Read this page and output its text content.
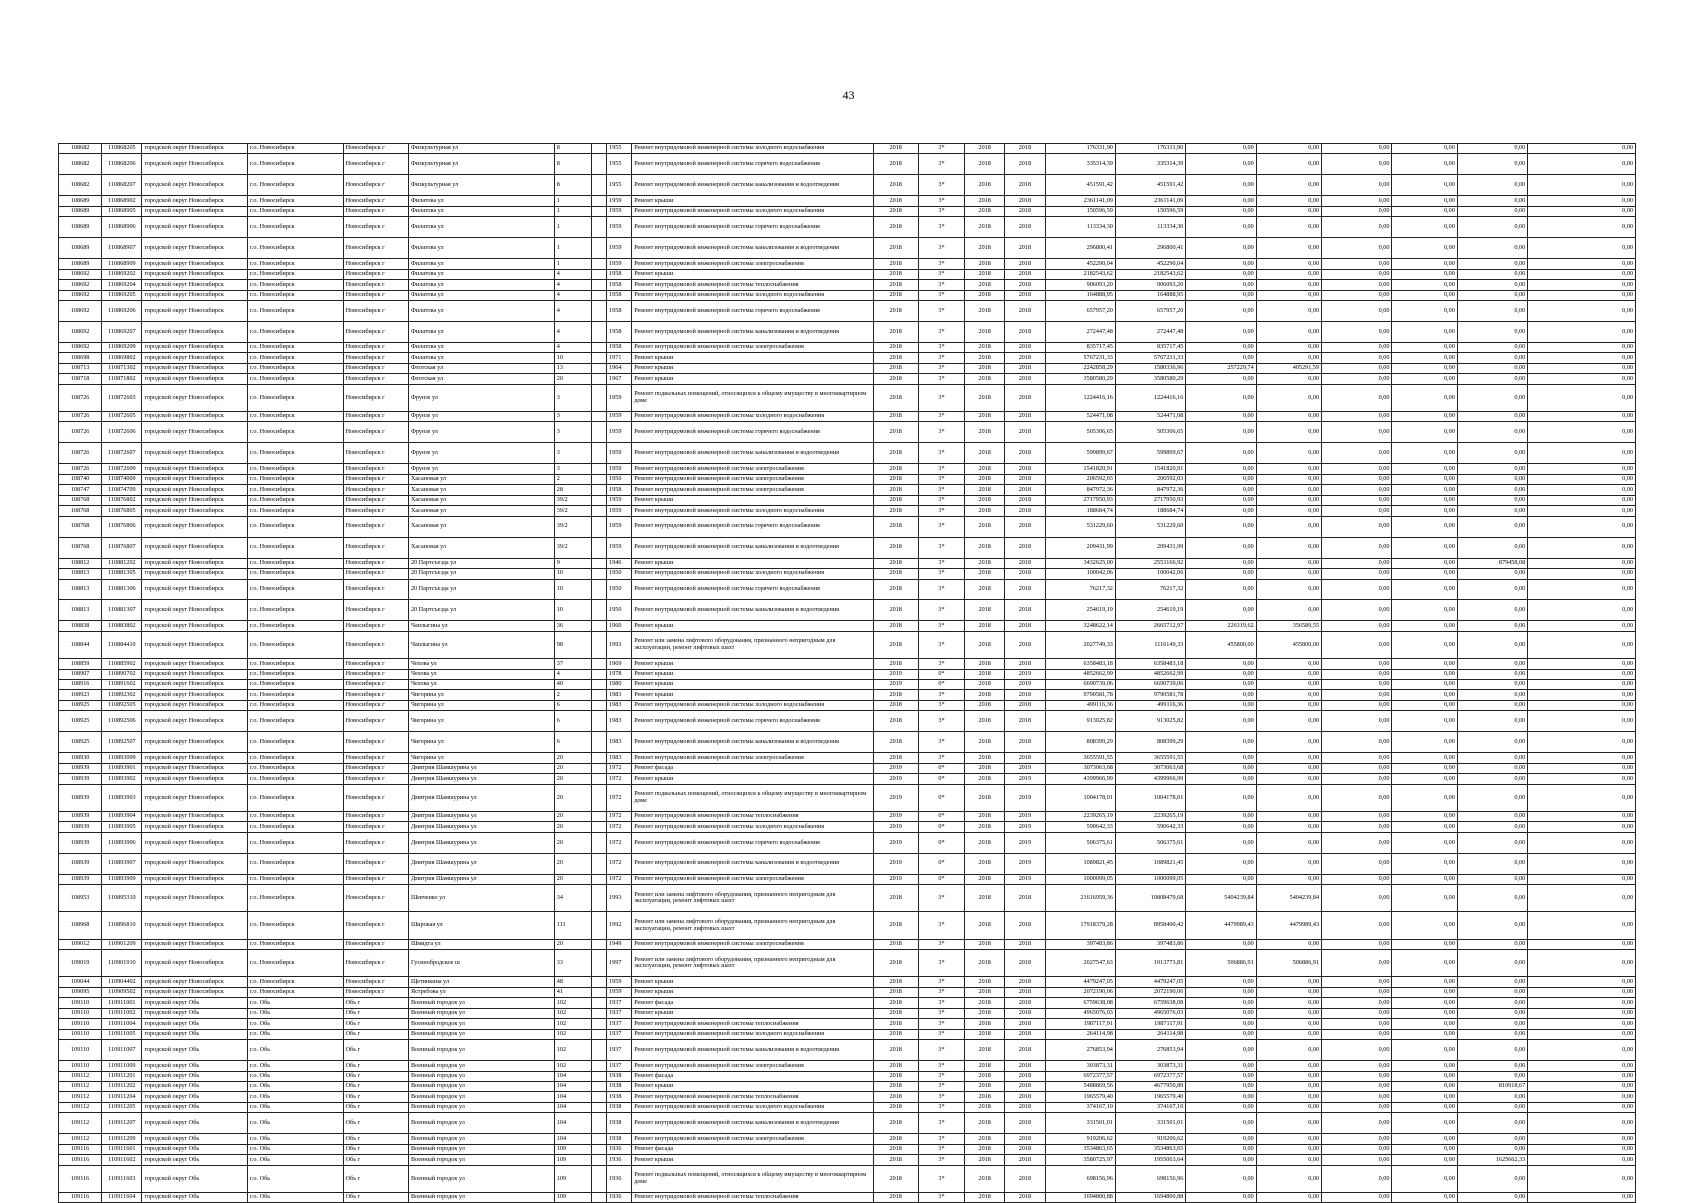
43
108682	110868205	городской округ Новосибирск	г.о. Новосибирск	Новосибирск г	Физкультурная ул	8		1955	Ремонт внутридомовой инженерной системы холодного водоснабжения	2018	3*	2018	2018	176331,90	176331,90	0,00	0,00	0,00	0,00	0,00	0,00
108682	110868206	городской округ Новосибирск	г.о. Новосибирск	Новосибирск г	Физкультурная ул	8		1955	Ремонт внутридомовой инженерной системы горячего водоснабжения	2018	3*	2018	2018	335314,39	335314,39	0,00	0,00	0,00	0,00	0,00	0,00
108682	110868207	городской округ Новосибирск	г.о. Новосибирск	Новосибирск г	Физкультурная ул	8		1955	Ремонт внутридомовой инженерной системы канализования и водоотведения	2018	3*	2018	2018	451591,42	451591,42	0,00	0,00	0,00	0,00	0,00	0,00
108689	110868902	городской округ Новосибирск	г.о. Новосибирск	Новосибирск г	Филатова ул	1		1959	Ремонт крыши	2018	3*	2018	2018	2361141,09	2361141,09	0,00	0,00	0,00	0,00	0,00	0,00
108689	110868905	городской округ Новосибирск	г.о. Новосибирск	Новосибирск г	Филатова ул	1		1959	Ремонт внутридомовой инженерной системы холодного водоснабжения	2018	3*	2018	2018	150596,59	150596,59	0,00	0,00	0,00	0,00	0,00	0,00
108689	110868906	городской округ Новосибирск	г.о. Новосибирск	Новосибирск г	Филатова ул	1		1959	Ремонт внутридомовой инженерной системы горячего водоснабжения	2018	3*	2018	2018	113334,30	113334,30	0,00	0,00	0,00	0,00	0,00	0,00
108689	110868907	городской округ Новосибирск	г.о. Новосибирск	Новосибирск г	Филатова ул	1		1959	Ремонт внутридомовой инженерной системы канализования и водоотведения	2018	3*	2018	2018	296800,41	296800,41	0,00	0,00	0,00	0,00	0,00	0,00
108689	110868909	городской округ Новосибирск	г.о. Новосибирск	Новосибирск г	Филатова ул	1		1959	Ремонт внутридомовой инженерной системы электроснабжения	2018	3*	2018	2018	452290,04	452290,04	0,00	0,00	0,00	0,00	0,00	0,00
108692	110869202	городской округ Новосибирск	г.о. Новосибирск	Новосибирск г	Филатова ул	4		1958	Ремонт крыши	2018	3*	2018	2018	2182543,62	2182543,62	0,00	0,00	0,00	0,00	0,00	0,00
108692	110869204	городской округ Новосибирск	г.о. Новосибирск	Новосибирск г	Филатова ул	4		1958	Ремонт внутридомовой инженерной системы теплоснабжения	2018	3*	2018	2018	906093,20	906093,20	0,00	0,00	0,00	0,00	0,00	0,00
108692	110869205	городской округ Новосибирск	г.о. Новосибирск	Новосибирск г	Филатова ул	4		1958	Ремонт внутридомовой инженерной системы холодного водоснабжения	2018	3*	2018	2018	164888,95	164888,95	0,00	0,00	0,00	0,00	0,00	0,00
108692	110869206	городской округ Новосибирск	г.о. Новосибирск	Новосибирск г	Филатова ул	4		1958	Ремонт внутридомовой инженерной системы горячего водоснабжения	2018	3*	2018	2018	657957,20	657957,20	0,00	0,00	0,00	0,00	0,00	0,00
108692	110869207	городской округ Новосибирск	г.о. Новосибирск	Новосибирск г	Филатова ул	4		1958	Ремонт внутридомовой инженерной системы канализования и водоотведения	2018	3*	2018	2018	272447,48	272447,48	0,00	0,00	0,00	0,00	0,00	0,00
108692	110869209	городской округ Новосибирск	г.о. Новосибирск	Новосибирск г	Филатова ул	4		1958	Ремонт внутридомовой инженерной системы электроснабжения	2018	3*	2018	2018	835717,45	835717,45	0,00	0,00	0,00	0,00	0,00	0,00
108698	110869802	городской округ Новосибирск	г.о. Новосибирск	Новосибирск г	Филатова ул	10		1971	Ремонт крыши	2018	3*	2018	2018	5767231,33	5767231,33	0,00	0,00	0,00	0,00	0,00	0,00
108713	110871302	городской округ Новосибирск	г.о. Новосибирск	Новосибирск г	Флотская ул	13		1964	Ремонт крыши	2018	3*	2018	2018	2242858,29	1580336,96	257229,74	405291,59	0,00	0,00	0,00	0,00
108718	110871802	городской округ Новосибирск	г.о. Новосибирск	Новосибирск г	Флотская ул	20		1967	Ремонт крыши	2018	3*	2018	2018	3580580,29	3580580,29	0,00	0,00	0,00	0,00	0,00	0,00
108726	110872603	городской округ Новосибирск	г.о. Новосибирск	Новосибирск г	Фрунзе ул	3		1959	Ремонт подвальных помещений, относящихся к общему имуществу в многоквартирном доме	2018	3*	2018	2018	1224416,16	1224416,16	0,00	0,00	0,00	0,00	0,00	0,00
108726	110872605	городской округ Новосибирск	г.о. Новосибирск	Новосибирск г	Фрунзе ул	3		1959	Ремонт внутридомовой инженерной системы холодного водоснабжения	2018	3*	2018	2018	524471,08	524471,08	0,00	0,00	0,00	0,00	0,00	0,00
108726	110872606	городской округ Новосибирск	г.о. Новосибирск	Новосибирск г	Фрунзе ул	3		1959	Ремонт внутридомовой инженерной системы горячего водоснабжения	2018	3*	2018	2018	505306,65	505306,65	0,00	0,00	0,00	0,00	0,00	0,00
108726	110872607	городской округ Новосибирск	г.о. Новосибирск	Новосибирск г	Фрунзе ул	3		1959	Ремонт внутридомовой инженерной системы канализования и водоотведения	2018	3*	2018	2018	599899,67	599899,67	0,00	0,00	0,00	0,00	0,00	0,00
108726	110872609	городской округ Новосибирск	г.о. Новосибирск	Новосибирск г	Фрунзе ул	3		1959	Ремонт внутридомовой инженерной системы электроснабжения	2018	3*	2018	2018	1541820,91	1541820,91	0,00	0,00	0,00	0,00	0,00	0,00
108740	110874009	городской округ Новосибирск	г.о. Новосибирск	Новосибирск г	Хасановая ул	2		1956	Ремонт внутридомовой инженерной системы электроснабжения	2018	3*	2018	2018	206592,03	206592,03	0,00	0,00	0,00	0,00	0,00	0,00
108747	110874709	городской округ Новосибирск	г.о. Новосибирск	Новосибирск г	Хасановая ул	28		1958	Ремонт внутридомовой инженерной системы электроснабжения	2018	3*	2018	2018	847972,36	847972,36	0,00	0,00	0,00	0,00	0,00	0,00
108768	110876802	городской округ Новосибирск	г.о. Новосибирск	Новосибирск г	Хасановая ул	39/2		1959	Ремонт крыши	2018	3*	2018	2018	2717950,93	2717950,93	0,00	0,00	0,00	0,00	0,00	0,00
108768	110876805	городской округ Новосибирск	г.о. Новосибирск	Новосибирск г	Хасановая ул	39/2		1959	Ремонт внутридомовой инженерной системы холодного водоснабжения	2018	3*	2018	2018	188684,74	188684,74	0,00	0,00	0,00	0,00	0,00	0,00
108768	110876806	городской округ Новосибирск	г.о. Новосибирск	Новосибирск г	Хасановая ул	39/2		1959	Ремонт внутридомовой инженерной системы горячего водоснабжения	2018	3*	2018	2018	531229,60	531229,60	0,00	0,00	0,00	0,00	0,00	0,00
108768	110876807	городской округ Новосибирск	г.о. Новосибирск	Новосибирск г	Хасановая ул	39/2		1959	Ремонт внутридомовой инженерной системы канализования и водоотведения	2018	3*	2018	2018	209431,99	209431,99	0,00	0,00	0,00	0,00	0,00	0,00
108812	110881202	городской округ Новосибирск	г.о. Новосибирск	Новосибирск г	20 Партсъезда ул	9		1946	Ремонт крыши	2018	3*	2018	2018	3432625,00	2553166,92	0,00	0,00	0,00	0,00	879458,08	0,00
108813	110881305	городской округ Новосибирск	г.о. Новосибирск	Новосибирск г	20 Партсъезда ул	10		1950	Ремонт внутридомовой инженерной системы холодного водоснабжения	2018	3*	2018	2018	100042,06	100042,06	0,00	0,00	0,00	0,00	0,00	0,00
108813	110881306	городской округ Новосибирск	г.о. Новосибирск	Новосибирск г	20 Партсъезда ул	10		1950	Ремонт внутридомовой инженерной системы горячего водоснабжения	2018	3*	2018	2018	76217,32	76217,32	0,00	0,00	0,00	0,00	0,00	0,00
108813	110881307	городской округ Новосибирск	г.о. Новосибирск	Новосибирск г	20 Партсъезда ул	10		1950	Ремонт внутридомовой инженерной системы канализования и водоотведения	2018	3*	2018	2018	254619,19	254619,19	0,00	0,00	0,00	0,00	0,00	0,00
108838	110883802	городской округ Новосибирск	г.о. Новосибирск	Новосибирск г	Чаплыгина ул	36		1960	Ремонт крыши	2018	3*	2018	2018	3248622,14	2665712,97	226319,62	356589,55	0,00	0,00	0,00	0,00
108844	110884410	городской округ Новосибирск	г.о. Новосибирск	Новосибирск г	Чаплыгина ул	98		1993	Ремонт или замена лифтового оборудования, признанного непригодным для эксплуатации, ремонт лифтовых шахт	2018	3*	2018	2018	2027749,33	1116149,33	455800,00	455800,00	0,00	0,00	0,00	0,00
108859	110885902	городской округ Новосибирск	г.о. Новосибирск	Новосибирск г	Чехова ул	37		1969	Ремонт крыши	2018	3*	2018	2018	6358483,18	6358483,18	0,00	0,00	0,00	0,00	0,00	0,00
108907	110890702	городской округ Новосибирск	г.о. Новосибирск	Новосибирск г	Чехова ул	4		1978	Ремонт крыши	2019	0*	2018	2019	4852662,99	4852662,99	0,00	0,00	0,00	0,00	0,00	0,00
108916	110891602	городской округ Новосибирск	г.о. Новосибирск	Новосибирск г	Чехова ул	40		1980	Ремонт крыши	2019	0*	2018	2019	6690739,06	6690739,06	0,00	0,00	0,00	0,00	0,00	0,00
108923	110892302	городской округ Новосибирск	г.о. Новосибирск	Новосибирск г	Чигорина ул	2		1983	Ремонт крыши	2018	3*	2018	2018	9790581,78	9790581,78	0,00	0,00	0,00	0,00	0,00	0,00
108925	110892505	городской округ Новосибирск	г.о. Новосибирск	Новосибирск г	Чигорина ул	6		1983	Ремонт внутридомовой инженерной системы холодного водоснабжения	2018	3*	2018	2018	499116,36	499116,36	0,00	0,00	0,00	0,00	0,00	0,00
108925	110892506	городской округ Новосибирск	г.о. Новосибирск	Новосибирск г	Чигорина ул	6		1983	Ремонт внутридомовой инженерной системы горячего водоснабжения	2018	3*	2018	2018	913025,82	913025,82	0,00	0,00	0,00	0,00	0,00	0,00
108925	110892507	городской округ Новосибирск	г.о. Новосибирск	Новосибирск г	Чигорина ул	6		1983	Ремонт внутридомовой инженерной системы канализования и водоотведения	2018	3*	2018	2018	808399,29	808399,29	0,00	0,00	0,00	0,00	0,00	0,00
108930	110893009	городской округ Новосибирск	г.о. Новосибирск	Новосибирск г	Чигорина ул	20		1983	Ремонт внутридомовой инженерной системы электроснабжения	2018	3*	2018	2018	3655591,55	3655591,55	0,00	0,00	0,00	0,00	0,00	0,00
108939	110893901	городской округ Новосибирск	г.о. Новосибирск	Новосибирск г	Дмитрия Шамшурина ул	20		1972	Ремонт фасада	2019	0*	2018	2019	3073063,68	3073063,68	0,00	0,00	0,00	0,00	0,00	0,00
108939	110893902	городской округ Новосибирск	г.о. Новосибирск	Новосибирск г	Дмитрия Шамшурина ул	20		1972	Ремонт крыши	2019	0*	2018	2019	4399966,99	4399966,99	0,00	0,00	0,00	0,00	0,00	0,00
108939	110893903	городской округ Новосибирск	г.о. Новосибирск	Новосибирск г	Дмитрия Шамшурина ул	20		1972	Ремонт подвальных помещений, относящихся к общему имуществу в многоквартирном доме	2019	0*	2018	2019	1004178,01	1004178,01	0,00	0,00	0,00	0,00	0,00	0,00
108939	110893904	городской округ Новосибирск	г.о. Новосибирск	Новосибирск г	Дмитрия Шамшурина ул	20		1972	Ремонт внутридомовой инженерной системы теплоснабжения	2019	0*	2018	2019	2239265,19	2239265,19	0,00	0,00	0,00	0,00	0,00	0,00
108939	110893905	городской округ Новосибирск	г.о. Новосибирск	Новосибирск г	Дмитрия Шамшурина ул	20		1972	Ремонт внутридомовой инженерной системы холодного водоснабжения	2019	0*	2018	2019	590642,33	590642,33	0,00	0,00	0,00	0,00	0,00	0,00
108939	110893906	городской округ Новосибирск	г.о. Новосибирск	Новосибирск г	Дмитрия Шамшурина ул	20		1972	Ремонт внутридомовой инженерной системы горячего водоснабжения	2019	0*	2018	2019	506375,61	506375,61	0,00	0,00	0,00	0,00	0,00	0,00
108939	110893907	городской округ Новосибирск	г.о. Новосибирск	Новосибирск г	Дмитрия Шамшурина ул	20		1972	Ремонт внутридомовой инженерной системы канализования и водоотведения	2019	0*	2018	2019	1089821,45	1089821,45	0,00	0,00	0,00	0,00	0,00	0,00
108939	110893909	городской округ Новосибирск	г.о. Новосибирск	Новосибирск г	Дмитрия Шамшурина ул	20		1972	Ремонт внутридомовой инженерной системы электроснабжения	2019	0*	2018	2019	1000099,05	1000099,05	0,00	0,00	0,00	0,00	0,00	0,00
108953	110895310	городской округ Новосибирск	г.о. Новосибирск	Новосибирск г	Шевченко ул	34		1993	Ремонт или замена лифтового оборудования, признанного непригодным для эксплуатации, ремонт лифтовых шахт	2018	3*	2018	2018	21616959,36	10808479,68	5404239,84	5404239,84	0,00	0,00	0,00	0,00
108968	110896810	городской округ Новосибирск	г.о. Новосибирск	Новосибирск г	Широкая ул	111		1992	Ремонт или замена лифтового оборудования, признанного непригодным для эксплуатации, ремонт лифтовых шахт	2018	3*	2018	2018	17918379,28	8958400,42	4479989,43	4479989,43	0,00	0,00	0,00	0,00
109012	110901209	городской округ Новосибирск	г.о. Новосибирск	Новосибирск г	Шмидта ул	20		1949	Ремонт внутридомовой инженерной системы электроснабжения	2018	3*	2018	2018	397483,86	397483,86	0,00	0,00	0,00	0,00	0,00	0,00
109019	110901910	городской округ Новосибирск	г.о. Новосибирск	Новосибирск г	Гусинобродское ш	33		1997	Ремонт или замена лифтового оборудования, признанного непригодным для эксплуатации, ремонт лифтовых шахт	2018	3*	2018	2018	2027547,63	1013773,81	506886,91	506886,91	0,00	0,00	0,00	0,00
109044	110904402	городской округ Новосибирск	г.о. Новосибирск	Новосибирск г	Щетинкина ул	48		1959	Ремонт крыши	2018	3*	2018	2018	4479247,05	4479247,05	0,00	0,00	0,00	0,00	0,00	0,00
109095	110909502	городской округ Новосибирск	г.о. Новосибирск	Новосибирск г	Ястребова ул	41		1959	Ремонт крыши	2018	3*	2018	2018	2072190,06	2072190,06	0,00	0,00	0,00	0,00	0,00	0,00
109110	110911001	городской округ Обь	г.о. Обь	Обь г	Военный городок ул	102		1937	Ремонт фасада	2018	3*	2018	2018	6759638,08	6759638,08	0,00	0,00	0,00	0,00	0,00	0,00
109110	110911002	городской округ Обь	г.о. Обь	Обь г	Военный городок ул	102		1937	Ремонт крыши	2018	3*	2018	2018	4965076,03	4965076,03	0,00	0,00	0,00	0,00	0,00	0,00
109110	110911004	городской округ Обь	г.о. Обь	Обь г	Военный городок ул	102		1937	Ремонт внутридомовой инженерной системы теплоснабжения	2018	3*	2018	2018	1987117,91	1987117,91	0,00	0,00	0,00	0,00	0,00	0,00
109110	110911005	городской округ Обь	г.о. Обь	Обь г	Военный городок ул	102		1937	Ремонт внутридомовой инженерной системы холодного водоснабжения	2018	3*	2018	2018	264114,98	264114,98	0,00	0,00	0,00	0,00	0,00	0,00
109110	110911007	городской округ Обь	г.о. Обь	Обь г	Военный городок ул	102		1937	Ремонт внутридомовой инженерной системы канализования и водоотведения	2018	3*	2018	2018	276853,94	276853,94	0,00	0,00	0,00	0,00	0,00	0,00
109110	110911009	городской округ Обь	г.о. Обь	Обь г	Военный городок ул	102		1937	Ремонт внутридомовой инженерной системы электроснабжения	2018	3*	2018	2018	303873,31	303873,31	0,00	0,00	0,00	0,00	0,00	0,00
109112	110911201	городской округ Обь	г.о. Обь	Обь г	Военный городок ул	104		1938	Ремонт фасада	2018	3*	2018	2018	6972377,57	6972377,57	0,00	0,00	0,00	0,00	0,00	0,00
109112	110911202	городской округ Обь	г.о. Обь	Обь г	Военный городок ул	104		1938	Ремонт крыши	2018	3*	2018	2018	5488869,56	4677950,89	0,00	0,00	0,00	0,00	810918,67	0,00
109112	110911204	городской округ Обь	г.о. Обь	Обь г	Военный городок ул	104		1938	Ремонт внутридомовой инженерной системы теплоснабжения	2018	3*	2018	2018	1965579,40	1965579,40	0,00	0,00	0,00	0,00	0,00	0,00
109112	110911205	городской округ Обь	г.о. Обь	Обь г	Военный городок ул	104		1938	Ремонт внутридомовой инженерной системы холодного водоснабжения	2018	3*	2018	2018	374167,10	374167,10	0,00	0,00	0,00	0,00	0,00	0,00
109112	110911207	городской округ Обь	г.о. Обь	Обь г	Военный городок ул	104		1938	Ремонт внутридомовой инженерной системы канализования и водоотведения	2018	3*	2018	2018	331501,01	331501,01	0,00	0,00	0,00	0,00	0,00	0,00
109112	110911209	городской округ Обь	г.о. Обь	Обь г	Военный городок ул	104		1938	Ремонт внутридомовой инженерной системы электроснабжения	2018	3*	2018	2018	919206,62	919206,62	0,00	0,00	0,00	0,00	0,00	0,00
109116	110911601	городской округ Обь	г.о. Обь	Обь г	Военный городок ул	109		1936	Ремонт фасада	2018	3*	2018	2018	3534863,65	3534863,65	0,00	0,00	0,00	0,00	0,00	0,00
109116	110911602	городской округ Обь	г.о. Обь	Обь г	Военный городок ул	109		1936	Ремонт крыши	2018	3*	2018	2018	3580725,97	1955063,64	0,00	0,00	0,00	0,00	1625662,33	0,00
109116	110911603	городской округ Обь	г.о. Обь	Обь г	Военный городок ул	109		1936	Ремонт подвальных помещений, относящихся к общему имуществу в многоквартирном доме	2018	3*	2018	2018	698156,96	698156,96	0,00	0,00	0,00	0,00	0,00	0,00
109116	110911604	городской округ Обь	г.о. Обь	Обь г	Военный городок ул	109		1936	Ремонт внутридомовой инженерной системы теплоснабжения	2018	3*	2018	2018	1694800,88	1694800,88	0,00	0,00	0,00	0,00	0,00	0,00
